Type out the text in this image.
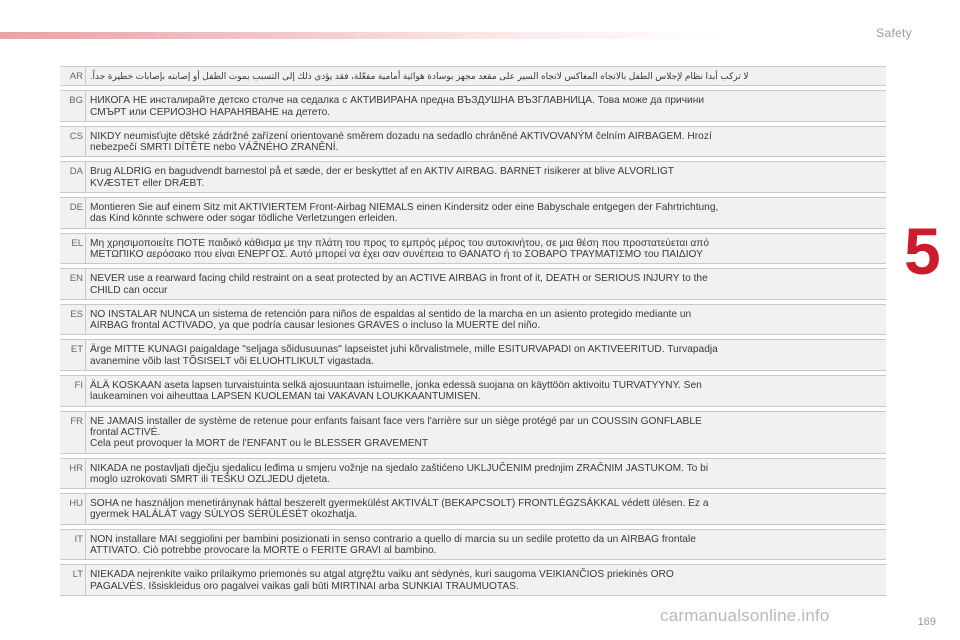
Safety
5
AR لا تركب أبدا نظام لإجلاس الطفل بالاتجاه المعاكس لاتجاه السير على مقعد مجهز بوسادة هوائية أمامية مفعّلة، فقد يؤدي ذلك إلى التسبب بموت الطفل أو إصابته بإصابات خطيرة جداً.
BG НИКОГА НЕ инсталирайте детско столче на седалка с АКТИВИРАНА предна ВЪЗДУШНА ВЪЗГЛАВНИЦА. Това може да причини
СМЪРТ или СЕРИОЗНО НАРАНЯВАНЕ на детето.
CS NIKDY neumisťujte dětské zádržné zařízení orientované směrem dozadu na sedadlo chráněné AKTIVOVANÝM čelním AIRBAGEM. Hrozí
nebezpečí SMRTI DÍTĚTE nebo VÁŽNÉHO ZRANĚNÍ.
DA Brug ALDRIG en bagudvendt barnestol på et sæde, der er beskyttet af en AKTIV AIRBAG. BARNET risikerer at blive ALVORLIGT
KVÆSTET eller DRÆBT.
DE Montieren Sie auf einem Sitz mit AKTIVIERTEM Front-Airbag NIEMALS einen Kindersitz oder eine Babyschale entgegen der Fahrtrichtung,
das Kind könnte schwere oder sogar tödliche Verletzungen erleiden.
EL Μη χρησιμοποιείτε ΠΟΤΕ παιδικό κάθισμα με την πλάτη του προς το εμπρός μέρος του αυτοκινήτου, σε μια θέση που προστατεύεται από
ΜΕΤΩΠΙΚΟ αερόσακο που είναι ΕΝΕΡΓΟΣ. Αυτό μπορεί να έχει σαν συνέπεια το ΘΑΝΑΤΟ ή το ΣΟΒΑΡΟ ΤΡΑΥΜΑΤΙΣΜΟ του ΠΑΙΔΙΟΥ
EN NEVER use a rearward facing child restraint on a seat protected by an ACTIVE AIRBAG in front of it, DEATH or SERIOUS INJURY to the
CHILD can occur
ES NO INSTALAR NUNCA un sistema de retención para niños de espaldas al sentido de la marcha en un asiento protegido mediante un
AIRBAG frontal ACTIVADO, ya que podría causar lesiones GRAVES o incluso la MUERTE del niño.
ET Ärge MITTE KUNAGI paigaldage "seljaga sõidusuunas" lapseistet juhi kõrvalistmele, mille ESITURVAPADI on AKTIVEERITUD. Turvapadja
avanemine võib last TÕSISELT või ELUOHTLIKULT vigastada.
FI ÄLÄ KOSKAAN aseta lapsen turvaistuinta selkä ajosuuntaan istuimelle, jonka edessä suojana on käyttöön aktivoitu TURVATYYNY. Sen
laukeaminen voi aiheuttaa LAPSEN KUOLEMAN tai VAKAVAN LOUKKAANTUMISEN.
FR NE JAMAIS installer de système de retenue pour enfants faisant face vers l'arrière sur un siège protégé par un COUSSIN GONFLABLE
frontal ACTIVÉ.
Cela peut provoquer la MORT de l'ENFANT ou le BLESSER GRAVEMENT
HR NIKADA ne postavljati dječju sjedalicu leđima u smjeru vožnje na sjedalo zaštićeno UKLJUČENIM prednjim ZRAČNIM JASTUKOM. To bi
moglo uzrokovati SMRT ili TEŠKU OZLJEDU djeteta.
HU SOHA ne használjon menetiránynak háttal beszerelt gyermekülést AKTIVÁLT (BEKAPCSOLT) FRONTLÉGZSÁKKAL védett ülésen. Ez a
gyermek HALÁLÁT vagy SÚLYOS SÉRÜLÉSÉT okozhatja.
IT NON installare MAI seggiolini per bambini posizionati in senso contrario a quello di marcia su un sedile protetto da un AIRBAG frontale
ATTIVATO. Ciò potrebbe provocare la MORTE o FERITE GRAVI al bambino.
LT NIEKADA neįrenkite vaiko prilaikymo priemonės su atgal atgręžtu vaiku ant sėdynės, kuri saugoma VEIKIANČIOS priekinės ORO
PAGALVĖS. Išsiskleidus oro pagalvei vaikas gali būti MIRTINAI arba SUNKIAI TRAUMUOTAS.
carmanualsonline.info	169
